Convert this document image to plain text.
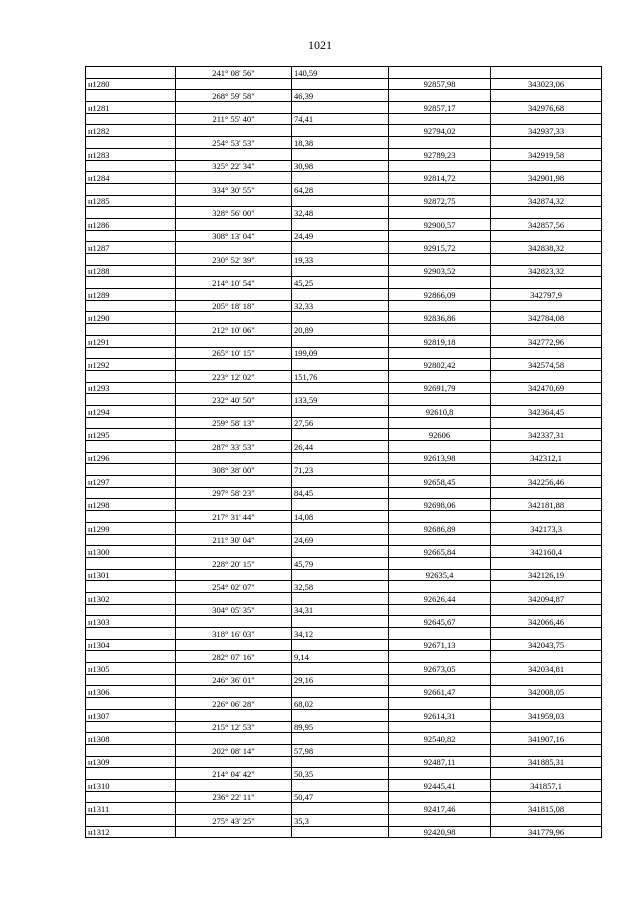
1021
	241° 08' 56"	140,59		
н1280			92857,98	343023,06
	268° 59' 58"	46,39		
н1281			92857,17	342976,68
	211° 55' 40"	74,41		
н1282			92794,02	342937,33
	254° 53' 53"	18,38		
н1283			92789,23	342919,58
	325° 22' 34"	30,98		
н1284			92814,72	342901,98
	334° 30' 55"	64,28		
н1285			92872,75	342874,32
	328° 56' 00"	32,48		
н1286			92900,57	342857,56
	308° 13' 04"	24,49		
н1287			92915,72	342838,32
	230° 52' 39"	19,33		
н1288			92903,52	342823,32
	214° 10' 54"	45,25		
н1289			92866,09	342797,9
	205° 18' 18"	32,33		
н1290			92836,86	342784,08
	212° 10' 06"	20,89		
н1291			92819,18	342772,96
	265° 10' 15"	199,09		
н1292			92802,42	342574,58
	223° 12' 02"	151,76		
н1293			92691,79	342470,69
	232° 40' 50"	133,59		
н1294			92610,8	342364,45
	259° 58' 13"	27,56		
н1295			92606	342337,31
	287° 33' 53"	26,44		
н1296			92613,98	342312,1
	308° 38' 00"	71,23		
н1297			92658,45	342256,46
	297° 58' 23"	84,45		
н1298			92698,06	342181,88
	217° 31' 44"	14,08		
н1299			92686,89	342173,3
	211° 30' 04"	24,69		
н1300			92665,84	342160,4
	228° 20' 15"	45,79		
н1301			92635,4	342126,19
	254° 02' 07"	32,58		
н1302			92626,44	342094,87
	304° 05' 35"	34,31		
н1303			92645,67	342066,46
	318° 16' 03"	34,12		
н1304			92671,13	342043,75
	282° 07' 16"	9,14		
н1305			92673,05	342034,81
	246° 36' 01"	29,16		
н1306			92661,47	342008,05
	226° 06' 28"	68,02		
н1307			92614,31	341959,03
	215° 12' 53"	89,95		
н1308			92540,82	341907,16
	202° 08' 14"	57,98		
н1309			92487,11	341885,31
	214° 04' 42"	50,35		
н1310			92445,41	341857,1
	236° 22' 11"	50,47		
н1311			92417,46	341815,08
	275° 43' 25"	35,3		
н1312			92420,98	341779,96
